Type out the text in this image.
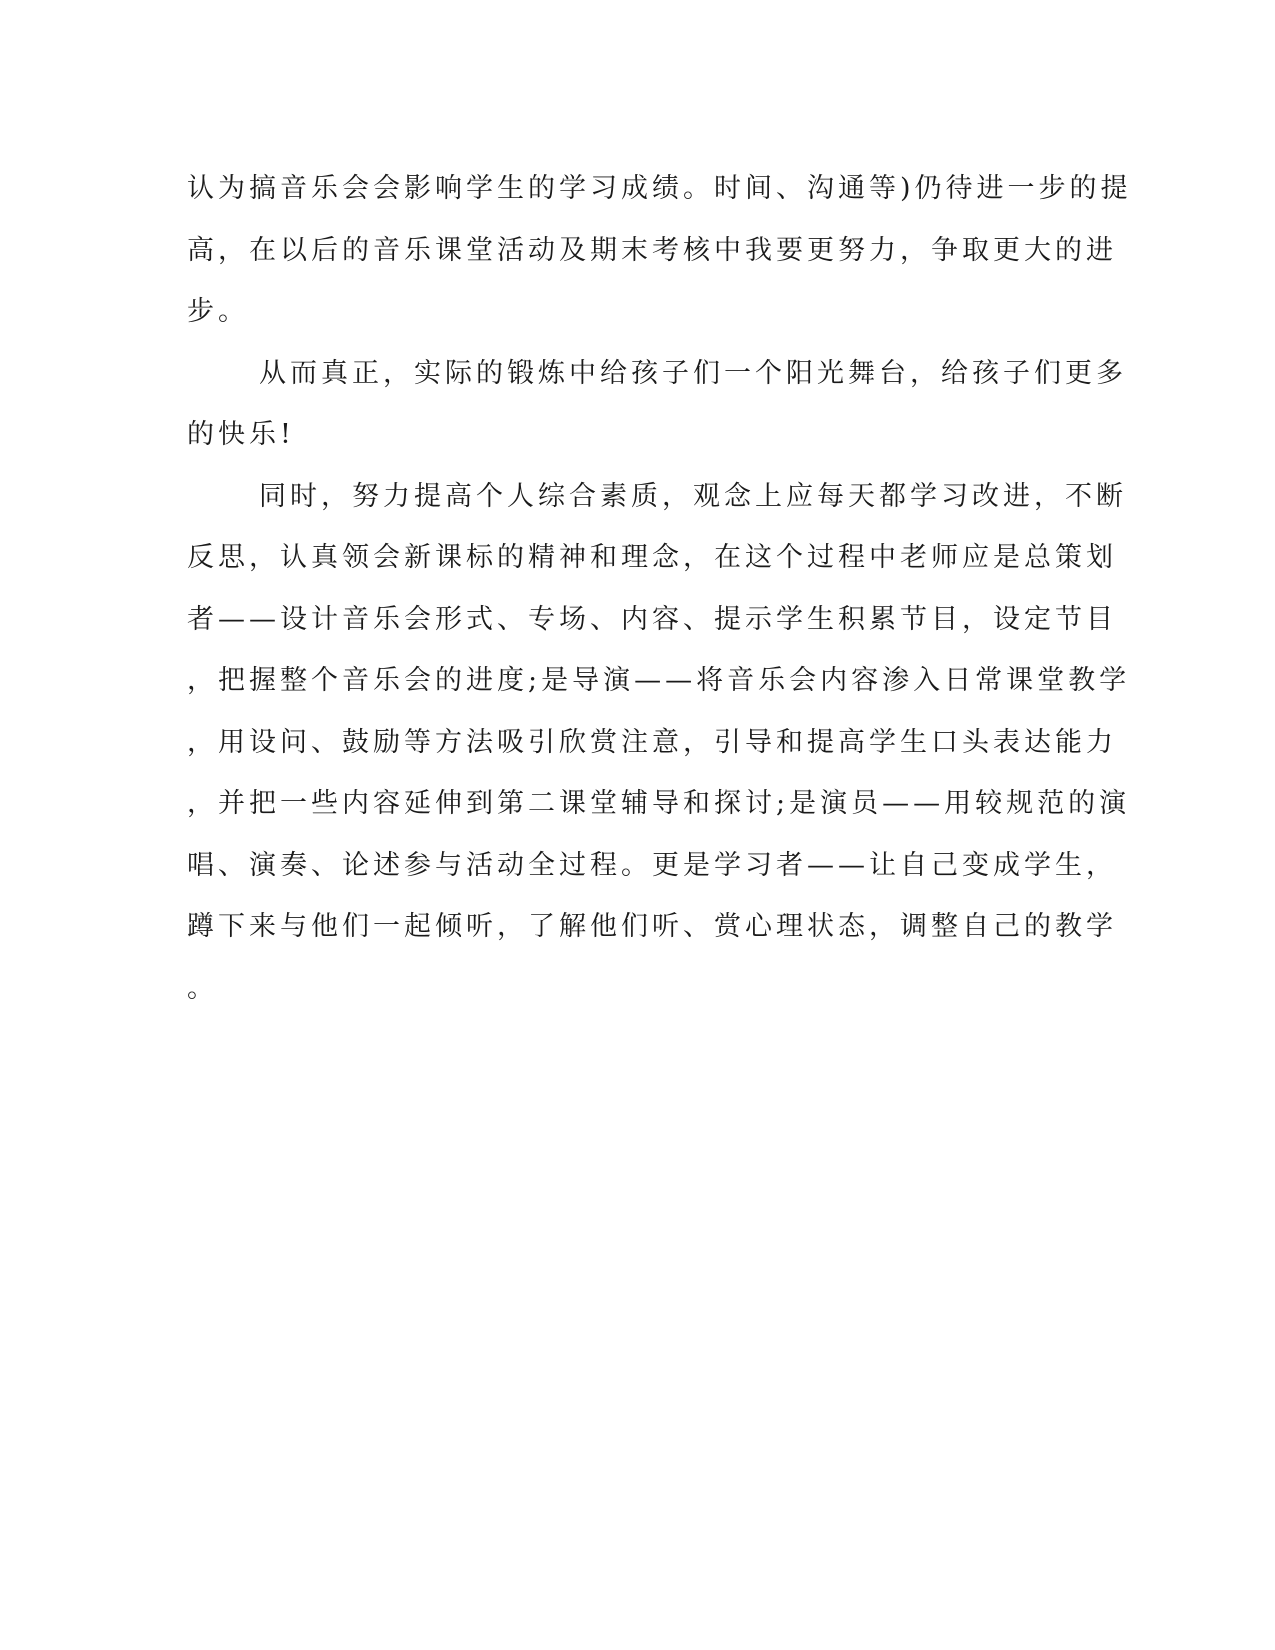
认为搞音乐会会影响学生的学习成绩。时间、沟通等)仍待进一步的提
高，在以后的音乐课堂活动及期末考核中我要更努力，争取更大的进
步。
从而真正，实际的锻炼中给孩子们一个阳光舞台，给孩子们更多
的快乐!
同时，努力提高个人综合素质，观念上应每天都学习改进，不断
反思，认真领会新课标的精神和理念，在这个过程中老师应是总策划
者——设计音乐会形式、专场、内容、提示学生积累节目，设定节目
，把握整个音乐会的进度;是导演——将音乐会内容渗入日常课堂教学
，用设问、鼓励等方法吸引欣赏注意，引导和提高学生口头表达能力
，并把一些内容延伸到第二课堂辅导和探讨;是演员——用较规范的演
唱、演奏、论述参与活动全过程。更是学习者——让自己变成学生，
蹲下来与他们一起倾听，了解他们听、赏心理状态，调整自己的教学
。
